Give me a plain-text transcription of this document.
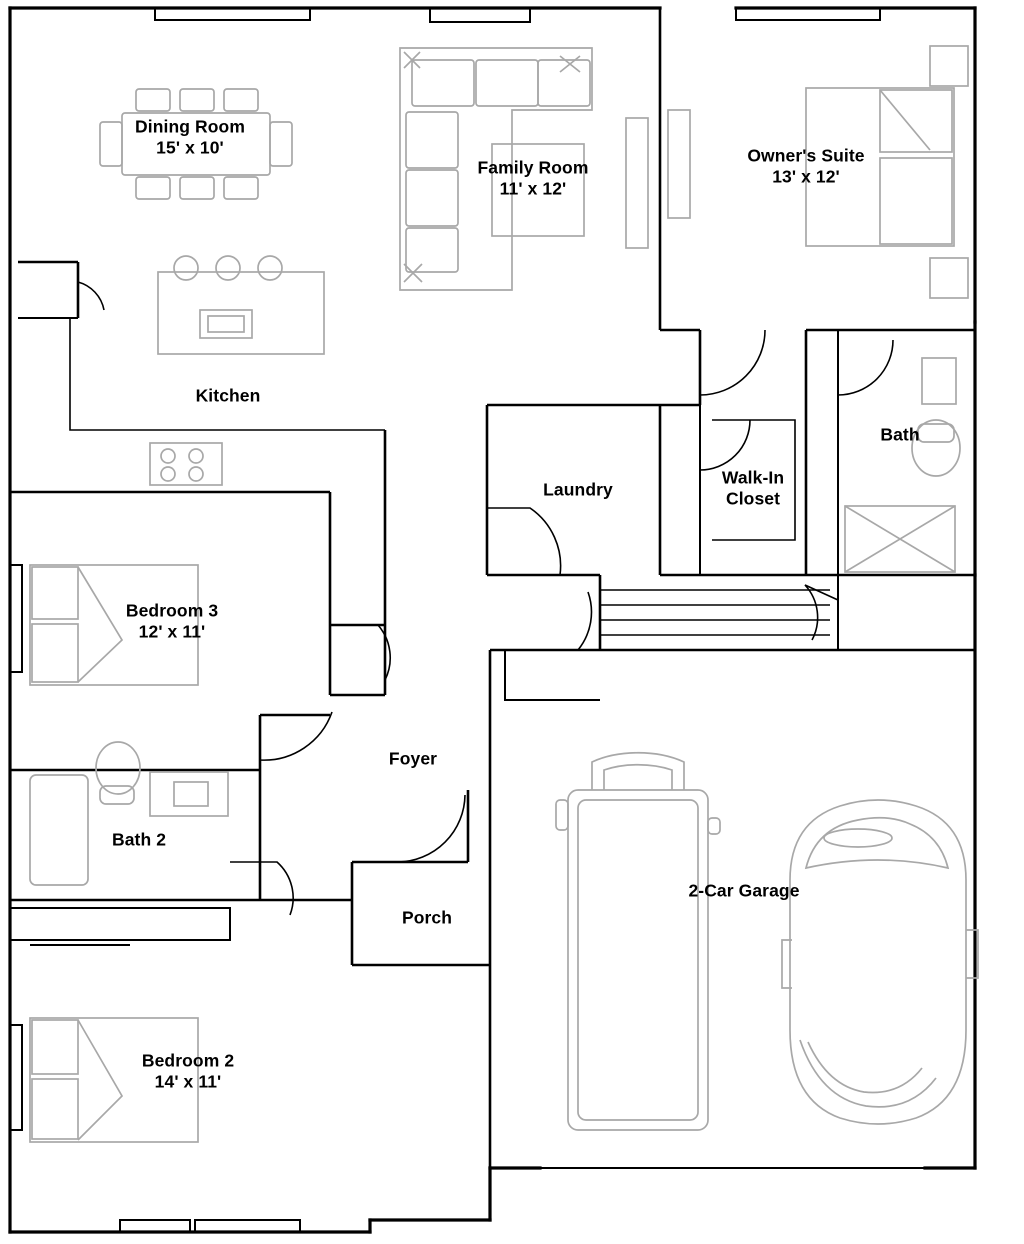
Dining Room
15' x 10'
Family Room
11' x 12'
Owner's Suite
13' x 12'
Kitchen
Laundry
Walk-In
Closet
Bath
Bedroom 3
12' x 11'
Foyer
Bath 2
Porch
2-Car Garage
Bedroom 2
14' x 11'
